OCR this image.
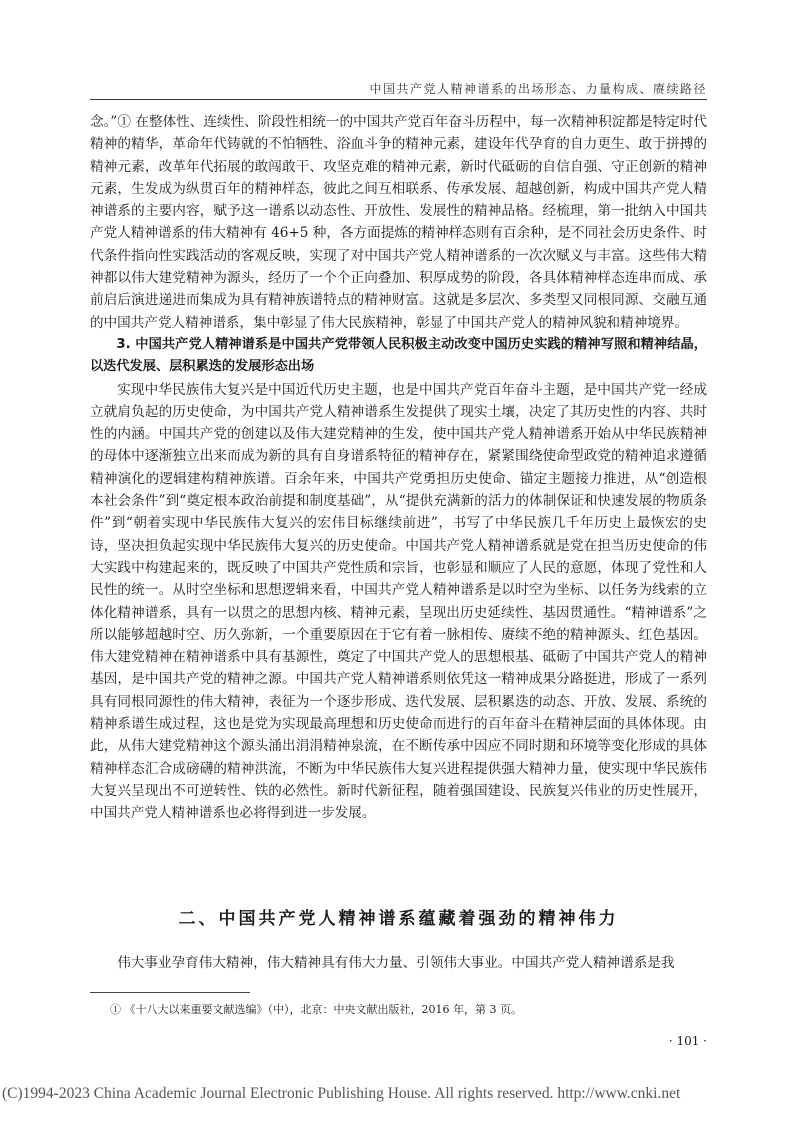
中国共产党人精神谱系的出场形态、力量构成、赓续路径

念。”① 在整体性、连续性、阶段性相统一的中国共产党百年奋斗历程中，每一次精神积淀都是特定时代精神的精华，革命年代铸就的不怕牺牲、浴血斗争的精神元素，建设年代孕育的自力更生、敢于拼搏的精神元素，改革年代拓展的敢闯敢干、攻坚克难的精神元素，新时代砥砺的自信自强、守正创新的精神元素，生发成为纵贯百年的精神样态，彼此之间互相联系、传承发展、超越创新，构成中国共产党人精神谱系的主要内容，赋予这一谱系以动态性、开放性、发展性的精神品格。经梳理，第一批纳入中国共产党人精神谱系的伟大精神有 46+5 种，各方面提炼的精神样态则有百余种，是不同社会历史条件、时代条件指向性实践活动的客观反映，实现了对中国共产党人精神谱系的一次次赋义与丰富。这些伟大精神都以伟大建党精神为源头，经历了一个个正向叠加、积厚成势的阶段，各具体精神样态连串而成、承前启后演进递进而集成为具有精神族谱特点的精神财富。这就是多层次、多类型又同根同源、交融互通的中国共产党人精神谱系，集中彰显了伟大民族精神，彰显了中国共产党人的精神风貌和精神境界。

3. 中国共产党人精神谱系是中国共产党带领人民积极主动改变中国历史实践的精神写照和精神结晶，以迭代发展、层积累迭的发展形态出场

实现中华民族伟大复兴是中国近代历史主题，也是中国共产党百年奋斗主题，是中国共产党一经成立就肩负起的历史使命，为中国共产党人精神谱系生发提供了现实土壤，决定了其历史性的内容、共时性的内涵。中国共产党的创建以及伟大建党精神的生发，使中国共产党人精神谱系开始从中华民族精神的母体中逐渐独立出来而成为新的具有自身谱系特征的精神存在，紧紧围绕使命型政党的精神追求遵循精神演化的逻辑建构精神族谱。百余年来，中国共产党勇担历史使命、锚定主题接力推进，从“创造根本社会条件”到“奠定根本政治前提和制度基础”，从“提供充满新的活力的体制保证和快速发展的物质条件”到“朝着实现中华民族伟大复兴的宏伟目标继续前进”，书写了中华民族几千年历史上最恢宏的史诗，坚决担负起实现中华民族伟大复兴的历史使命。中国共产党人精神谱系就是党在担当历史使命的伟大实践中构建起来的，既反映了中国共产党性质和宗旨，也彰显和顺应了人民的意愿，体现了党性和人民性的统一。从时空坐标和思想逻辑来看，中国共产党人精神谱系是以时空为坐标、以任务为线索的立体化精神谱系，具有一以贯之的思想内核、精神元素，呈现出历史延续性、基因贯通性。“精神谱系”之所以能够超越时空、历久弥新，一个重要原因在于它有着一脉相传、赓续不绝的精神源头、红色基因。伟大建党精神在精神谱系中具有基源性，奠定了中国共产党人的思想根基、砥砺了中国共产党人的精神基因，是中国共产党的精神之源。中国共产党人精神谱系则依凭这一精神成果分路挺进，形成了一系列具有同根同源性的伟大精神，表征为一个逐步形成、迭代发展、层积累迭的动态、开放、发展、系统的精神系谱生成过程，这也是党为实现最高理想和历史使命而进行的百年奋斗在精神层面的具体体现。由此，从伟大建党精神这个源头涌出涓涓精神泉流，在不断传承中因应不同时期和环境等变化形成的具体精神样态汇合成磅礴的精神洪流，不断为中华民族伟大复兴进程提供强大精神力量，使实现中华民族伟大复兴呈现出不可逆转性、铁的必然性。新时代新征程，随着强国建设、民族复兴伟业的历史性展开，中国共产党人精神谱系也必将得到进一步发展。

二、中国共产党人精神谱系蕴藏着强劲的精神伟力
伟大事业孕育伟大精神，伟大精神具有伟大力量、引领伟大事业。中国共产党人精神谱系是我
① 《十八大以来重要文献选编》（中），北京：中央文献出版社，2016 年，第 3 页。
· 101 ·
(C)1994-2023 China Academic Journal Electronic Publishing House. All rights reserved. http://www.cnki.net
